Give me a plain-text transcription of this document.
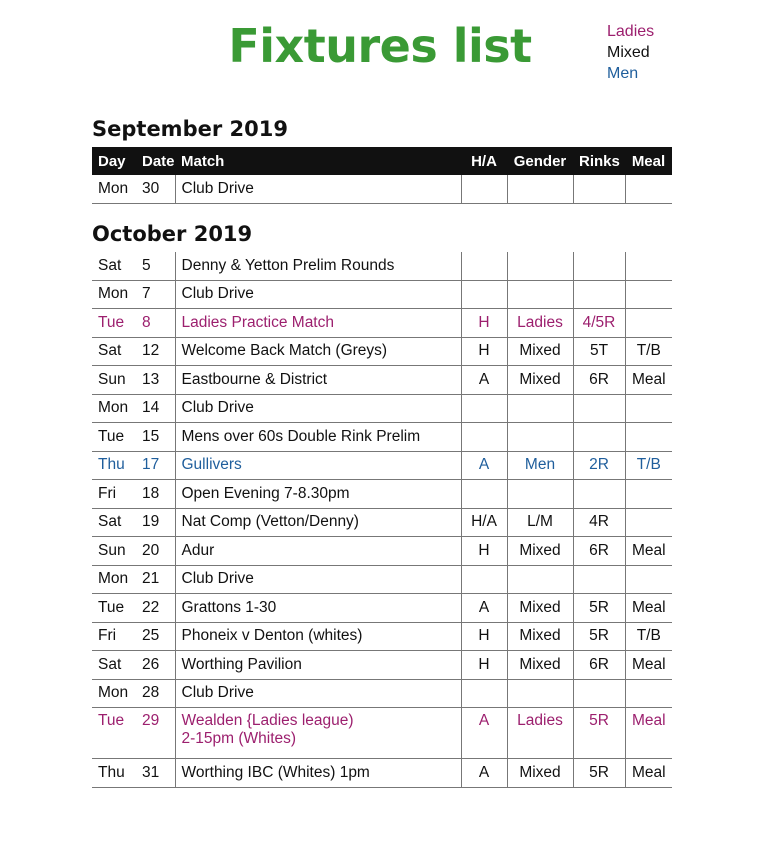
Fixtures list	Ladies
Mixed
Men
September 2019
Day	Date	Match	H/A	Gender	Rinks	Meal
Mon	30	Club Drive				
October 2019
Sat	5	Denny & Yetton Prelim Rounds				
Mon	7	Club Drive				
Tue	8	Ladies Practice Match	H	Ladies	4/5R	
Sat	12	Welcome Back Match (Greys)	H	Mixed	5T	T/B
Sun	13	Eastbourne & District	A	Mixed	6R	Meal
Mon	14	Club Drive				
Tue	15	Mens over 60s Double Rink Prelim				
Thu	17	Gullivers	A	Men	2R	T/B
Fri	18	Open Evening 7-8.30pm				
Sat	19	Nat Comp (Vetton/Denny)	H/A	L/M	4R	
Sun	20	Adur	H	Mixed	6R	Meal
Mon	21	Club Drive				
Tue	22	Grattons 1-30	A	Mixed	5R	Meal
Fri	25	Phoneix v Denton (whites)	H	Mixed	5R	T/B
Sat	26	Worthing Pavilion	H	Mixed	6R	Meal
Mon	28	Club Drive				
Tue	29	Wealden {Ladies league)
2-15pm (Whites)	A	Ladies	5R	Meal
Thu	31	Worthing IBC (Whites) 1pm	A	Mixed	5R	Meal
